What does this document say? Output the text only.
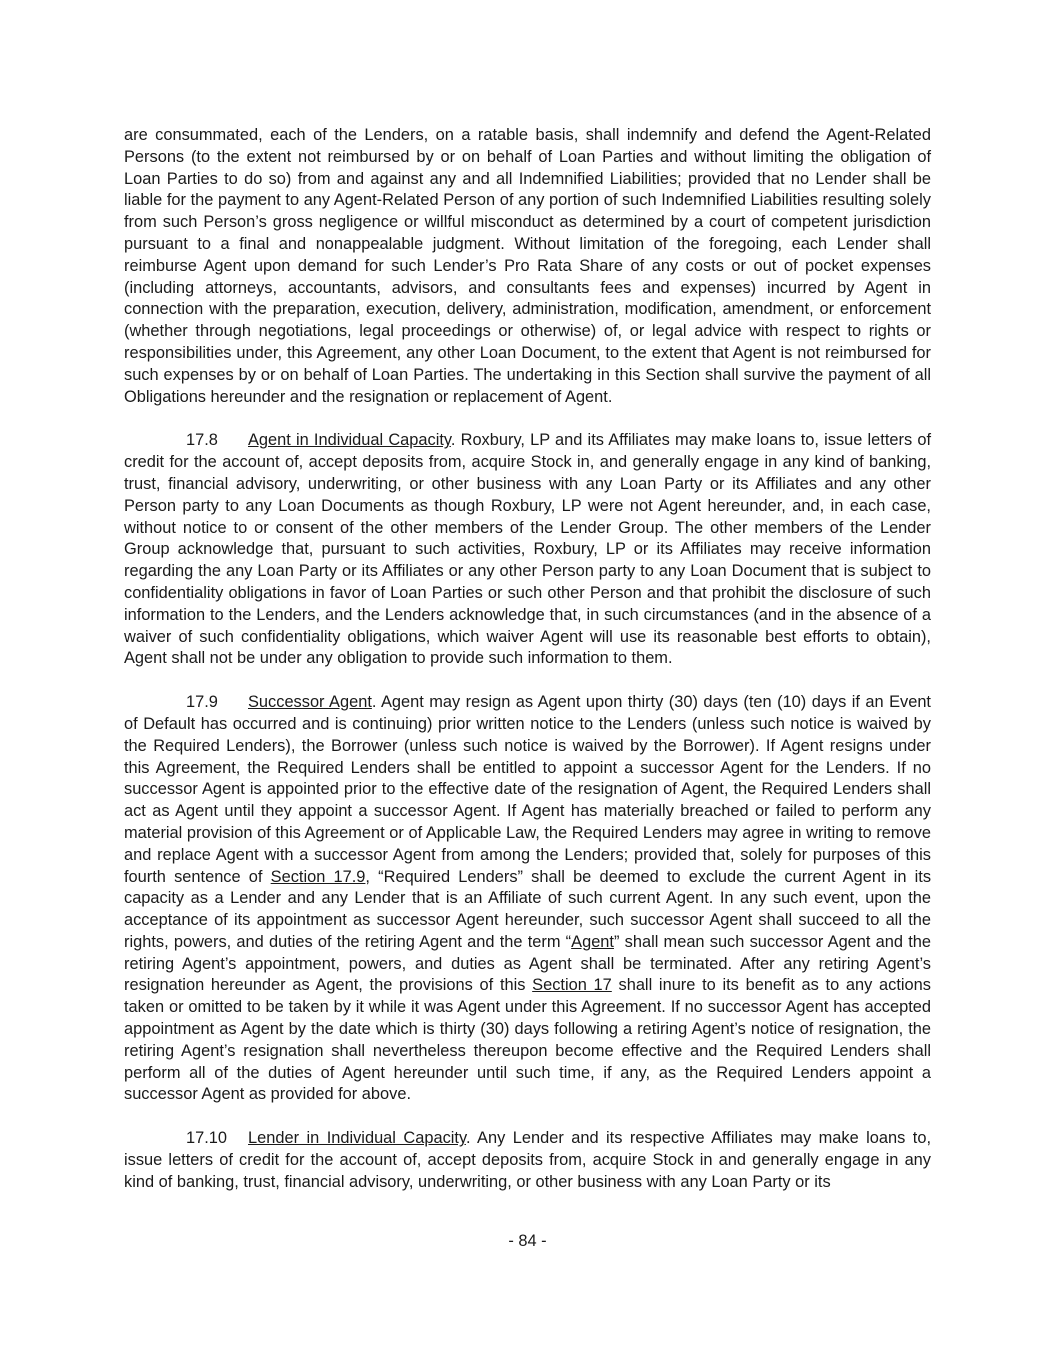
are consummated, each of the Lenders, on a ratable basis, shall indemnify and defend the Agent-Related Persons (to the extent not reimbursed by or on behalf of Loan Parties and without limiting the obligation of Loan Parties to do so) from and against any and all Indemnified Liabilities; provided that no Lender shall be liable for the payment to any Agent-Related Person of any portion of such Indemnified Liabilities resulting solely from such Person’s gross negligence or willful misconduct as determined by a court of competent jurisdiction pursuant to a final and nonappealable judgment. Without limitation of the foregoing, each Lender shall reimburse Agent upon demand for such Lender’s Pro Rata Share of any costs or out of pocket expenses (including attorneys, accountants, advisors, and consultants fees and expenses) incurred by Agent in connection with the preparation, execution, delivery, administration, modification, amendment, or enforcement (whether through negotiations, legal proceedings or otherwise) of, or legal advice with respect to rights or responsibilities under, this Agreement, any other Loan Document, to the extent that Agent is not reimbursed for such expenses by or on behalf of Loan Parties. The undertaking in this Section shall survive the payment of all Obligations hereunder and the resignation or replacement of Agent.

17.8 Agent in Individual Capacity. Roxbury, LP and its Affiliates may make loans to, issue letters of credit for the account of, accept deposits from, acquire Stock in, and generally engage in any kind of banking, trust, financial advisory, underwriting, or other business with any Loan Party or its Affiliates and any other Person party to any Loan Documents as though Roxbury, LP were not Agent hereunder, and, in each case, without notice to or consent of the other members of the Lender Group. The other members of the Lender Group acknowledge that, pursuant to such activities, Roxbury, LP or its Affiliates may receive information regarding the any Loan Party or its Affiliates or any other Person party to any Loan Document that is subject to confidentiality obligations in favor of Loan Parties or such other Person and that prohibit the disclosure of such information to the Lenders, and the Lenders acknowledge that, in such circumstances (and in the absence of a waiver of such confidentiality obligations, which waiver Agent will use its reasonable best efforts to obtain), Agent shall not be under any obligation to provide such information to them.

17.9 Successor Agent. Agent may resign as Agent upon thirty (30) days (ten (10) days if an Event of Default has occurred and is continuing) prior written notice to the Lenders (unless such notice is waived by the Required Lenders), the Borrower (unless such notice is waived by the Borrower). If Agent resigns under this Agreement, the Required Lenders shall be entitled to appoint a successor Agent for the Lenders. If no successor Agent is appointed prior to the effective date of the resignation of Agent, the Required Lenders shall act as Agent until they appoint a successor Agent. If Agent has materially breached or failed to perform any material provision of this Agreement or of Applicable Law, the Required Lenders may agree in writing to remove and replace Agent with a successor Agent from among the Lenders; provided that, solely for purposes of this fourth sentence of Section 17.9, “Required Lenders” shall be deemed to exclude the current Agent in its capacity as a Lender and any Lender that is an Affiliate of such current Agent. In any such event, upon the acceptance of its appointment as successor Agent hereunder, such successor Agent shall succeed to all the rights, powers, and duties of the retiring Agent and the term “Agent” shall mean such successor Agent and the retiring Agent’s appointment, powers, and duties as Agent shall be terminated. After any retiring Agent’s resignation hereunder as Agent, the provisions of this Section 17 shall inure to its benefit as to any actions taken or omitted to be taken by it while it was Agent under this Agreement. If no successor Agent has accepted appointment as Agent by the date which is thirty (30) days following a retiring Agent’s notice of resignation, the retiring Agent’s resignation shall nevertheless thereupon become effective and the Required Lenders shall perform all of the duties of Agent hereunder until such time, if any, as the Required Lenders appoint a successor Agent as provided for above.

17.10 Lender in Individual Capacity. Any Lender and its respective Affiliates may make loans to, issue letters of credit for the account of, accept deposits from, acquire Stock in and generally engage in any kind of banking, trust, financial advisory, underwriting, or other business with any Loan Party or its

- 84 -
